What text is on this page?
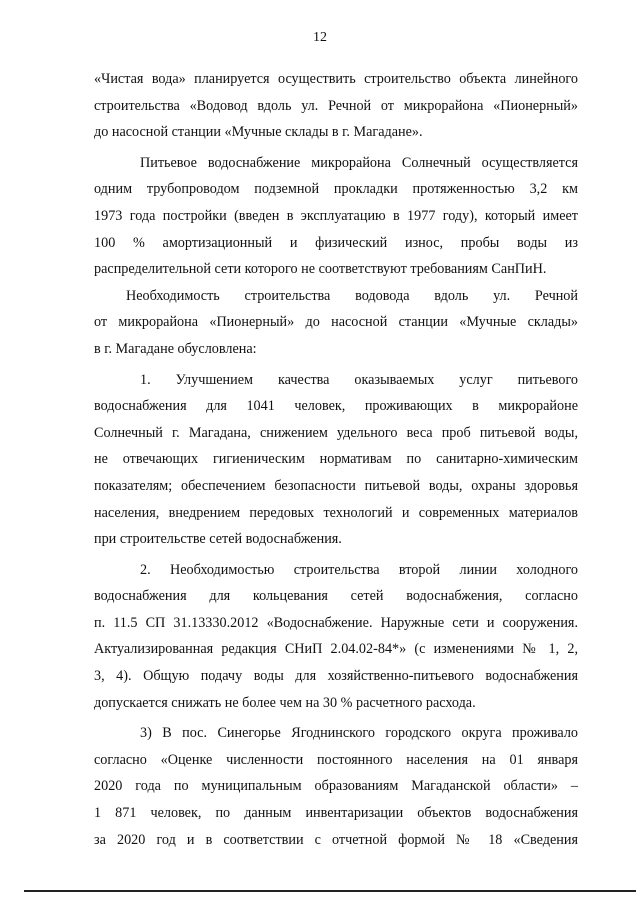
12

«Чистая вода» планируется осуществить строительство объекта линейного

строительства «Водовод вдоль ул. Речной от микрорайона «Пионерный»

до насосной станции «Мучные склады в г. Магадане».

Питьевое водоснабжение микрорайона Солнечный осуществляется

одним трубопроводом подземной прокладки протяженностью 3,2 км

1973 года постройки (введен в эксплуатацию в 1977 году), который имеет

100 % амортизационный и физический износ, пробы воды из

распределительной сети которого не соответствуют требованиям СанПиН.

Необходимость строительства водовода вдоль ул. Речной

от микрорайона «Пионерный» до насосной станции «Мучные склады»

в г. Магадане обусловлена:

1. Улучшением качества оказываемых услуг питьевого

водоснабжения для 1041 человек, проживающих в микрорайоне

Солнечный г. Магадана, снижением удельного веса проб питьевой воды,

не отвечающих гигиеническим нормативам по санитарно-химическим

показателям; обеспечением безопасности питьевой воды, охраны здоровья

населения, внедрением передовых технологий и современных материалов

при строительстве сетей водоснабжения.

2. Необходимостью строительства второй линии холодного

водоснабжения для кольцевания сетей водоснабжения, согласно

п. 11.5 СП 31.13330.2012 «Водоснабжение. Наружные сети и сооружения.

Актуализированная редакция СНиП 2.04.02-84*» (с изменениями № 1, 2,

3, 4). Общую подачу воды для хозяйственно-питьевого водоснабжения

допускается снижать не более чем на 30 % расчетного расхода.

3) В пос. Синегорье Ягоднинского городского округа проживало

согласно «Оценке численности постоянного населения на 01 января

2020 года по муниципальным образованиям Магаданской области» –

1 871 человек, по данным инвентаризации объектов водоснабжения

за 2020 год и в соответствии с отчетной формой № 18 «Сведения
